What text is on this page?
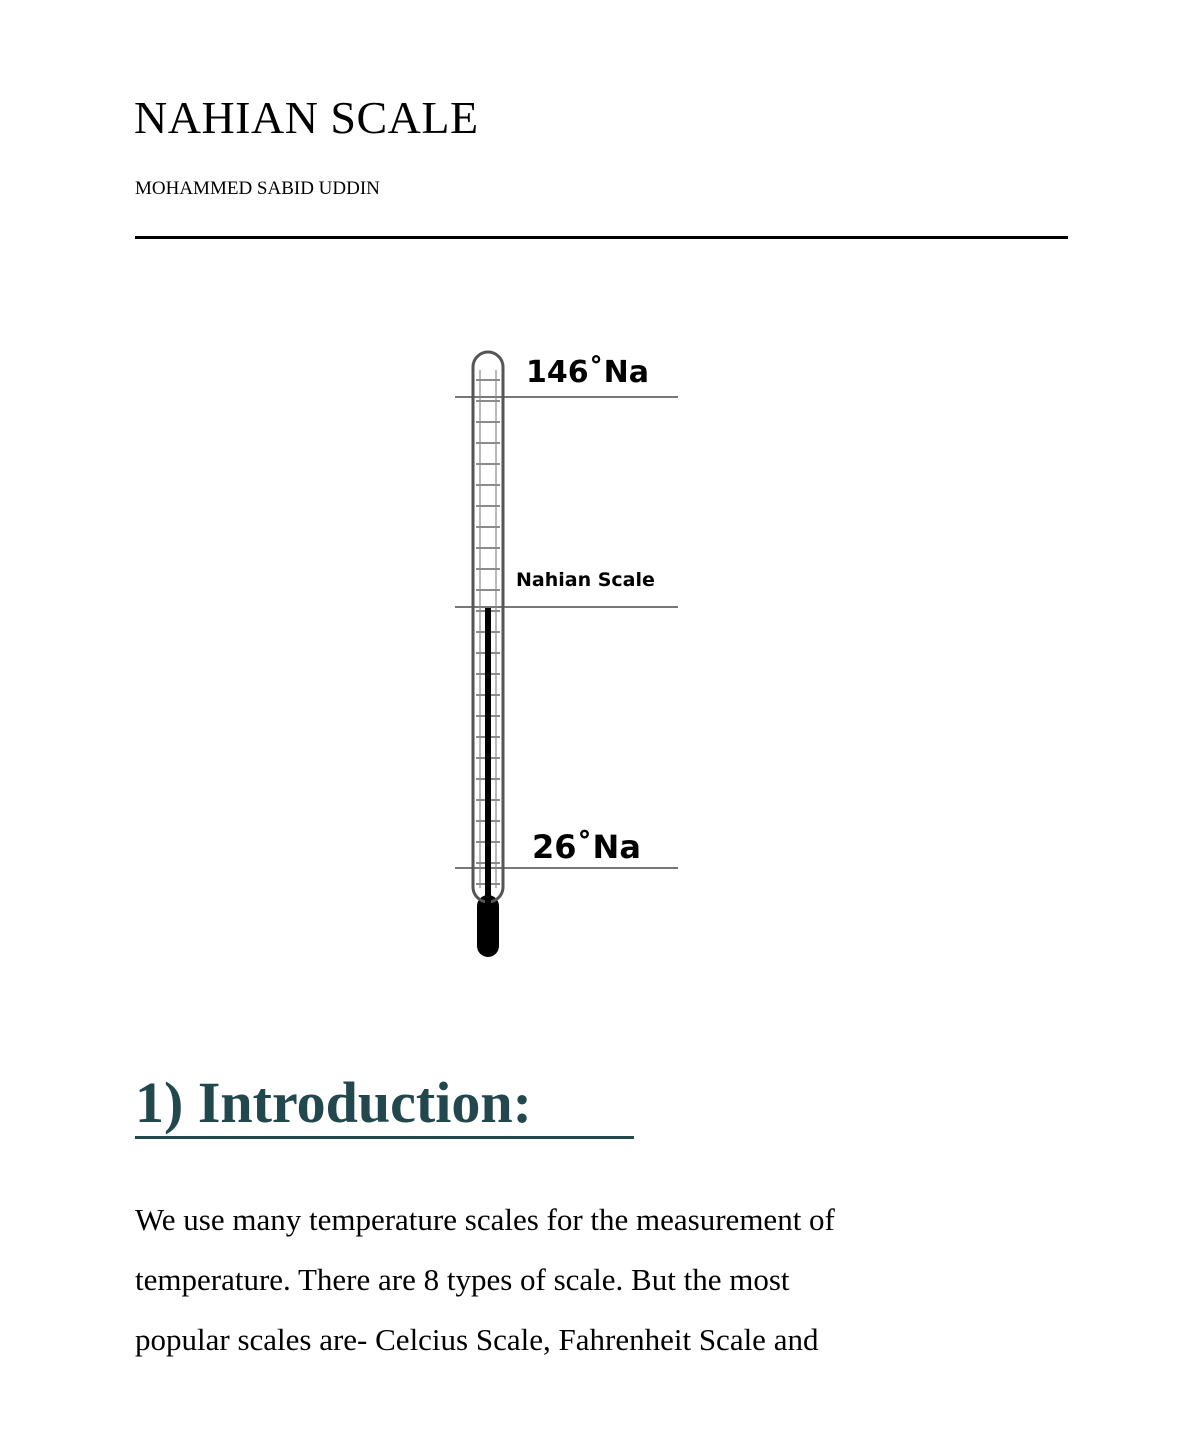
NAHIAN SCALE
MOHAMMED SABID UDDIN
146˚Na
Nahian Scale
26˚Na
1) Introduction:
We use many temperature scales for the measurement of
temperature. There are 8 types of scale. But the most
popular scales are- Celcius Scale, Fahrenheit Scale and
